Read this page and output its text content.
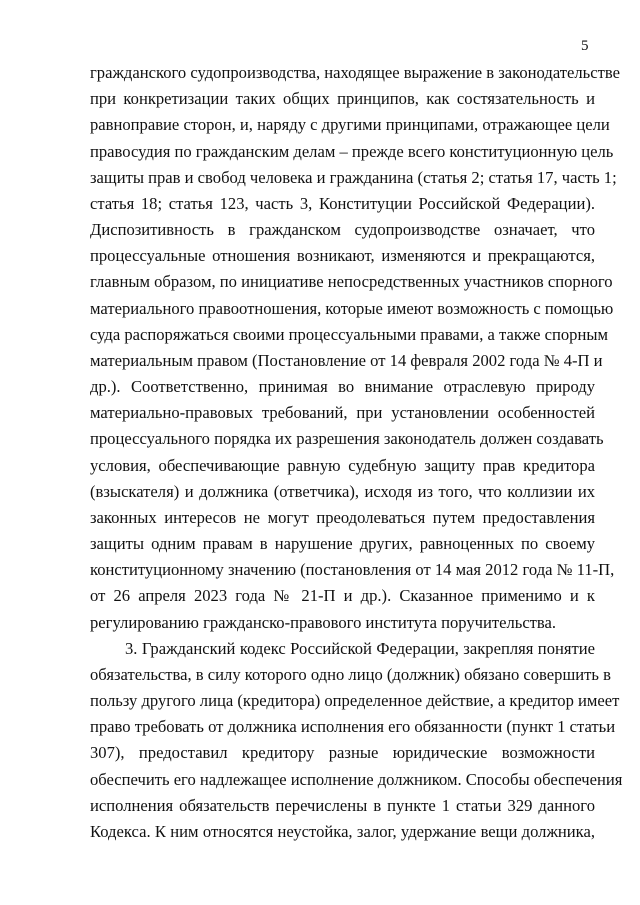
5
гражданского судопроизводства, находящее выражение в законодательстве
при конкретизации таких общих принципов, как состязательность и
равноправие сторон, и, наряду с другими принципами, отражающее цели
правосудия по гражданским делам – прежде всего конституционную цель
защиты прав и свобод человека и гражданина (статья 2; статья 17, часть 1;
статья 18; статья 123, часть 3, Конституции Российской Федерации).
Диспозитивность в гражданском судопроизводстве означает, что
процессуальные отношения возникают, изменяются и прекращаются,
главным образом, по инициативе непосредственных участников спорного
материального правоотношения, которые имеют возможность с помощью
суда распоряжаться своими процессуальными правами, а также спорным
материальным правом (Постановление от 14 февраля 2002 года № 4-П и
др.). Соответственно, принимая во внимание отраслевую природу
материально-правовых требований, при установлении особенностей
процессуального порядка их разрешения законодатель должен создавать
условия, обеспечивающие равную судебную защиту прав кредитора
(взыскателя) и должника (ответчика), исходя из того, что коллизии их
законных интересов не могут преодолеваться путем предоставления
защиты одним правам в нарушение других, равноценных по своему
конституционному значению (постановления от 14 мая 2012 года № 11-П,
от 26 апреля 2023 года № 21-П и др.). Сказанное применимо и к
регулированию гражданско-правового института поручительства.
3. Гражданский кодекс Российской Федерации, закрепляя понятие
обязательства, в силу которого одно лицо (должник) обязано совершить в
пользу другого лица (кредитора) определенное действие, а кредитор имеет
право требовать от должника исполнения его обязанности (пункт 1 статьи
307), предоставил кредитору разные юридические возможности
обеспечить его надлежащее исполнение должником. Способы обеспечения
исполнения обязательств перечислены в пункте 1 статьи 329 данного
Кодекса. К ним относятся неустойка, залог, удержание вещи должника,
